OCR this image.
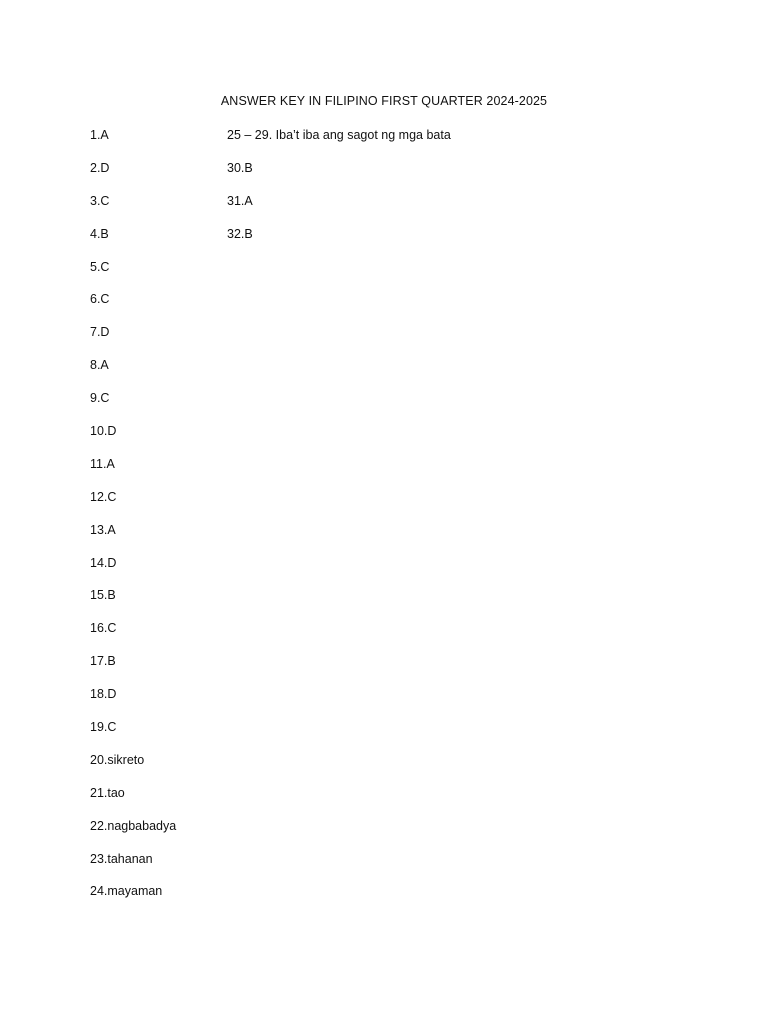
ANSWER KEY IN FILIPINO FIRST QUARTER 2024-2025
1.A
2.D
3.C
4.B
5.C
6.C
7.D
8.A
9.C
10.D
11.A
12.C
13.A
14.D
15.B
16.C
17.B
18.D
19.C
20.sikreto
21.tao
22.nagbabadya
23.tahanan
24.mayaman
25 – 29. Iba’t iba ang sagot ng mga bata
30.B
31.A
32.B
